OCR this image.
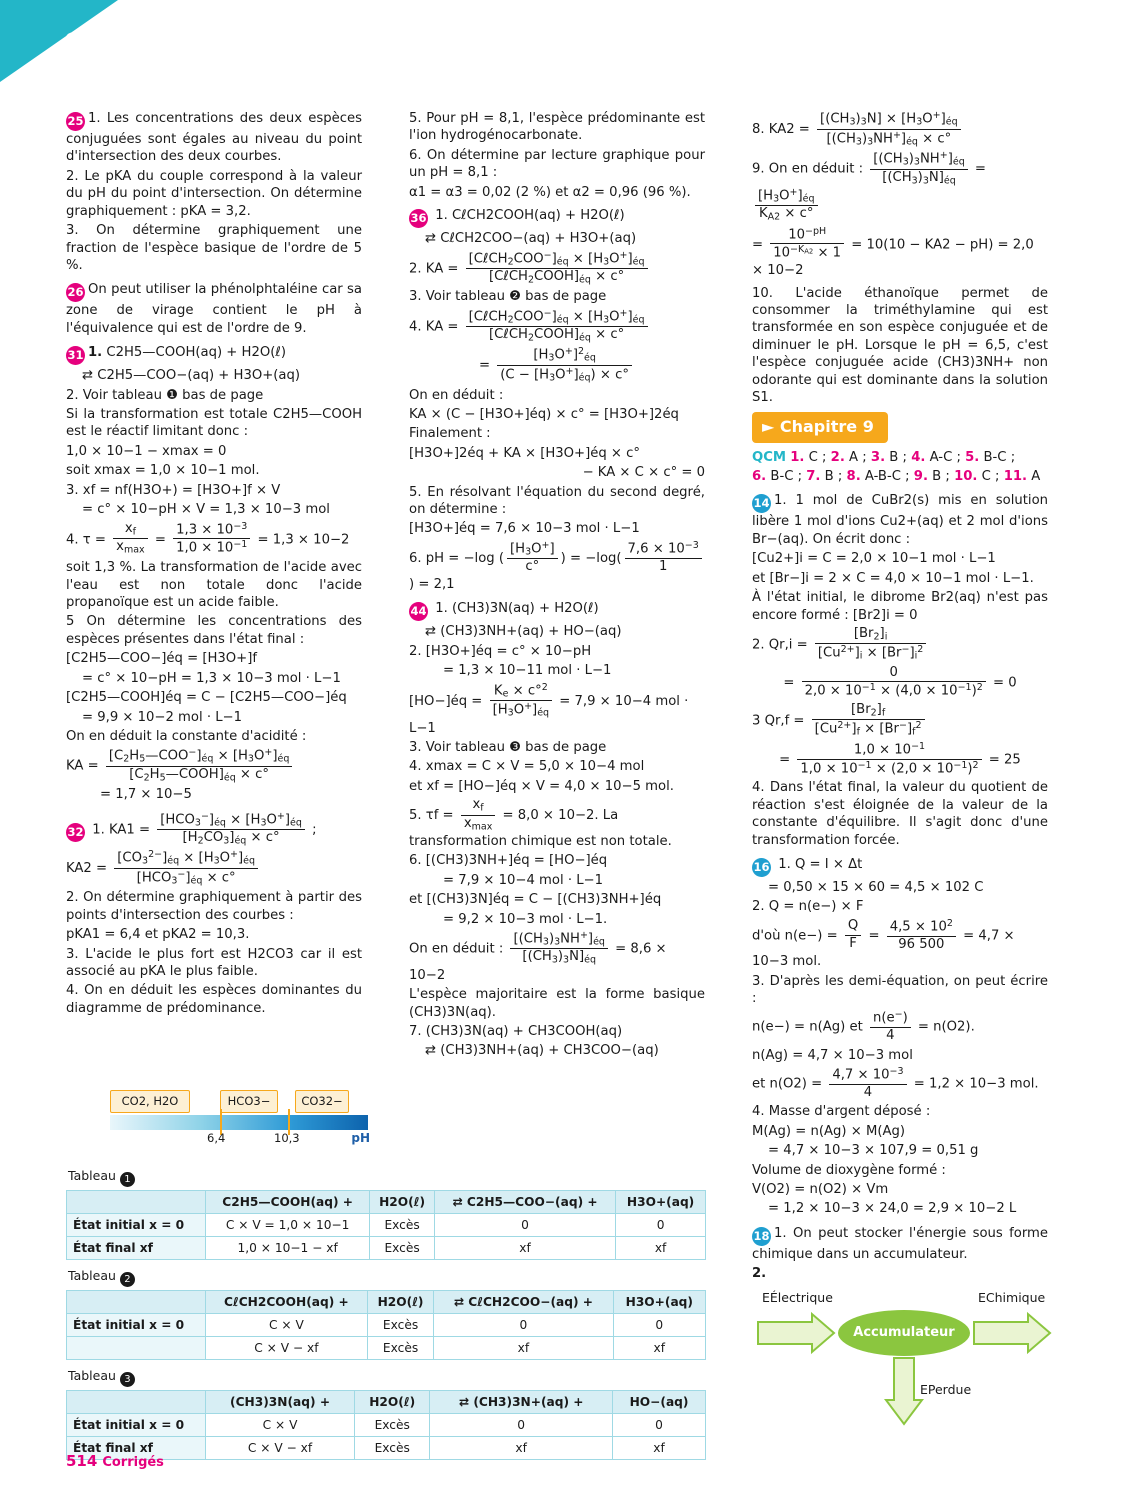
Corrigés

25 1. Les concentrations des deux espèces conjuguées sont égales au niveau du point d'intersection des deux courbes.

2. Le pKA du couple correspond à la valeur du pH du point d'intersection. On détermine graphiquement : pKA = 3,2.

3. On détermine graphiquement une fraction de l'espèce basique de l'ordre de 5 %.

26 On peut utiliser la phénolphtaléine car sa zone de virage contient le pH à l'équivalence qui est de l'ordre de 9.

31 1. C2H5—COOH(aq) + H2O(ℓ)

⇄ C2H5—COO−(aq) + H3O+(aq)

2. Voir tableau ❶ bas de page

Si la transformation est totale C2H5—COOH est le réactif limitant donc :

1,0 × 10−1 − xmax = 0

soit xmax = 1,0 × 10−1 mol.

3. xf = nf(H3O+) = [H3O+]f × V

= c° × 10−pH × V = 1,3 × 10−3 mol

4. $\tau = \frac{x_f}{x_{max}} = \frac{1,3 \times 10^{-3}}{1,0 \times 10^{-1}} = 1,3 \times 10-2$

soit 1,3 %. La transformation de l'acide avec l'eau est non totale donc l'acide propanoïque est un acide faible.

5 On détermine les concentrations des espèces présentes dans l'état final :

[C2H5—COO−]éq = [H3O+]f

= c° × 10−pH = 1,3 × 10−3 mol · L−1

[C2H5—COOH]éq = C − [C2H5—COO−]éq

= 9,9 × 10−2 mol · L−1

On en déduit la constante d'acidité :

KA = $\frac{[C_2H_5—COO^-]_{éq} \times [H_3O^+]_{éq}}{[C_2H_5—COOH]_{éq} \times c^\circ}$

= 1,7 × 10−5

32 1. $KA1 = \frac{[HCO_3^-]_{éq} \times [H_3O^+]_{éq}}{[H_2CO_3]_{éq} \times c^\circ}$ ;

$KA2 = \frac{[CO_3^{2-}]_{éq} \times [H_3O^+]_{éq}}{[HCO_3^-]_{éq} \times c^\circ}$

2. On détermine graphiquement à partir des points d'intersection des courbes :

pKA1 = 6,4 et pKA2 = 10,3.

3. L'acide le plus fort est H2CO3 car il est associé au pKA le plus faible.

4. On en déduit les espèces dominantes du diagramme de prédominance.

CO2, H2O	HCO3−	CO32−
6,4	10,3	pH

5. Pour pH = 8,1, l'espèce prédominante est l'ion hydrogénocarbonate.

6. On détermine par lecture graphique pour un pH = 8,1 :

α1 = α3 = 0,02 (2 %) et α2 = 0,96 (96 %).

36 1. CℓCH2COOH(aq) + H2O(ℓ)

⇄ CℓCH2COO−(aq) + H3O+(aq)

2. KA = $\frac{[C\ell CH_2COO^-]_{éq} \times [H_3O^+]_{éq}}{[C\ell CH_2COOH]_{éq} \times c^\circ}$

3. Voir tableau ❷ bas de page

4. KA = $\frac{[C\ell CH_2COO^-]_{éq} \times [H_3O^+]_{éq}}{[C\ell CH_2COOH]_{éq} \times c^\circ}$

= $\frac{[H_3O^+]^2_{éq}}{(C - [H_3O^+]_{éq}) \times c^\circ}$

On en déduit :

KA × (C − [H3O+]éq) × c° = [H3O+]2éq

Finalement :

[H3O+]2éq + KA × [H3O+]éq × c°

− KA × C × c° = 0

5. En résolvant l'équation du second degré, on détermine :

[H3O+]éq = 7,6 × 10−3 mol · L−1

6. pH = −log ( $\frac{[H_3O^+]}{c^\circ}$ ) = $-\log( \frac{7,6 \times 10^{-3}}{1}$
) = 2,1

44 1. (CH3)3N(aq) + H2O(ℓ)

⇄ (CH3)3NH+(aq) + HO−(aq)

2. [H3O+]éq = c° × 10−pH

= 1,3 × 10−11 mol · L−1

[HO−]éq = $\frac{K_e \times c^\circ^2}{[H_3O^+]_{éq}} = 7,9 \times 10-4$ mol · L−1

3. Voir tableau ❸ bas de page

4. xmax = C × V = 5,0 × 10−4 mol

et xf = [HO−]éq × V = 4,0 × 10−5 mol.

5. $\tau f = \frac{x_f}{x_{max}} = 8,0 \times 10-2$. La transformation chimique est non totale.

6. [(CH3)3NH+]éq = [HO−]éq

= 7,9 × 10−4 mol · L−1

et [(CH3)3N]éq = C − [(CH3)3NH+]éq

= 9,2 × 10−3 mol · L−1.

On en déduit : $\frac{[(CH_3)_3NH^+]_{éq}}{[(CH_3)_3N]_{éq}} = 8,6 \times 10-2$

L'espèce majoritaire est la forme basique (CH3)3N(aq).

7. (CH3)3N(aq) + CH3COOH(aq)

⇄ (CH3)3NH+(aq) + CH3COO−(aq)

8. $KA2 = \frac{[(CH_3)_3N] \times [H_3O^+]_{éq}}{[(CH_3)_3NH^+]_{éq} \times c^\circ}$

9. On en déduit : $\frac{[(CH_3)_3NH^+]_{éq}}{[(CH_3)_3N]_{éq}}$ =
$\frac{[H_3O^+]_{éq}}{K_{A2} \times c^\circ}$

= $\frac{10^{-pH}}{10^{-K_{A2}} \times 1} = 10(10 - KA2 - pH) = 2,0 \times 10-2$

10. L'acide éthanoïque permet de consommer la triméthylamine qui est transformée en son espèce conjuguée et de diminuer le pH. Lorsque le pH = 6,5, c'est l'espèce conjuguée acide (CH3)3NH+ non odorante qui est dominante dans la solution S1.

► Chapitre 9

QCM 1. C ; 2. A ; 3. B ; 4. A-C ; 5. B-C ;

6. B-C ; 7. B ; 8. A-B-C ; 9. B ; 10. C ; 11. A

14 1. 1 mol de CuBr2(s) mis en solution libère 1 mol d'ions Cu2+(aq) et 2 mol d'ions Br−(aq). On écrit donc :

[Cu2+]i = C = 2,0 × 10−1 mol · L−1

et [Br−]i = 2 × C = 4,0 × 10−1 mol · L−1.

À l'état initial, le dibrome Br2(aq) n'est pas encore formé : [Br2]i = 0

2. $Qr,i = \frac{[Br_2]_i}{[Cu^{2+}]_i \times [Br^-]_i^2}$

= $\frac{0}{2,0 \times 10^{-1} \times (4,0 \times 10^{-1})^2} = 0$

3 $Qr,f = \frac{[Br_2]_f}{[Cu^{2+}]_f \times [Br^-]_f^2}$

= $\frac{1,0 \times 10^{-1}}{1,0 \times 10^{-1} \times (2,0 \times 10^{-1})^2} = 25$

4. Dans l'état final, la valeur du quotient de réaction s'est éloignée de la valeur de la constante d'équilibre. Il s'agit donc d'une transformation forcée.

16 1. Q = I × Δt

= 0,50 × 15 × 60 = 4,5 × 102 C

2. Q = n(e−) × F

d'où $n(e-) = \frac{Q}{F} = \frac{4,5 \times 10^2}{96 500} = 4,7 \times 10-3$ mol.

3. D'après les demi-équation, on peut écrire :

n(e−) = n(Ag) et $\frac{n(e^-)}{4} = n(O2)$.

n(Ag) = 4,7 × 10−3 mol

et $n(O2) = \frac{4,7 \times 10^{-3}}{4} = 1,2 \times 10-3$ mol.

4. Masse d'argent déposé :

M(Ag) = n(Ag) × M(Ag)

= 4,7 × 10−3 × 107,9 = 0,51 g

Volume de dioxygène formé :

V(O2) = n(O2) × Vm

= 1,2 × 10−3 × 24,0 = 2,9 × 10−2 L

18 1. On peut stocker l'énergie sous forme chimique dans un accumulateur.

2.

Accumulateur
EÉlectrique	EChimique
EPerdue
Tableau 1
	C2H5—COOH(aq) +	H2O(ℓ)	⇄ C2H5—COO−(aq) +	H3O+(aq)
État initial x = 0	C × V = 1,0 × 10−1	Excès	0	0
État final xf	1,0 × 10−1 − xf	Excès	xf	xf
Tableau 2
	CℓCH2COOH(aq) +	H2O(ℓ)	⇄ CℓCH2COO−(aq) +	H3O+(aq)
État initial x = 0	C × V	Excès	0	0
	C × V − xf	Excès	xf	xf
Tableau 3
	(CH3)3N(aq) +	H2O(ℓ)	⇄ (CH3)3N+(aq) +	HO−(aq)
État initial x = 0	C × V	Excès	0	0
État final xf	C × V − xf	Excès	xf	xf
514 Corrigés
